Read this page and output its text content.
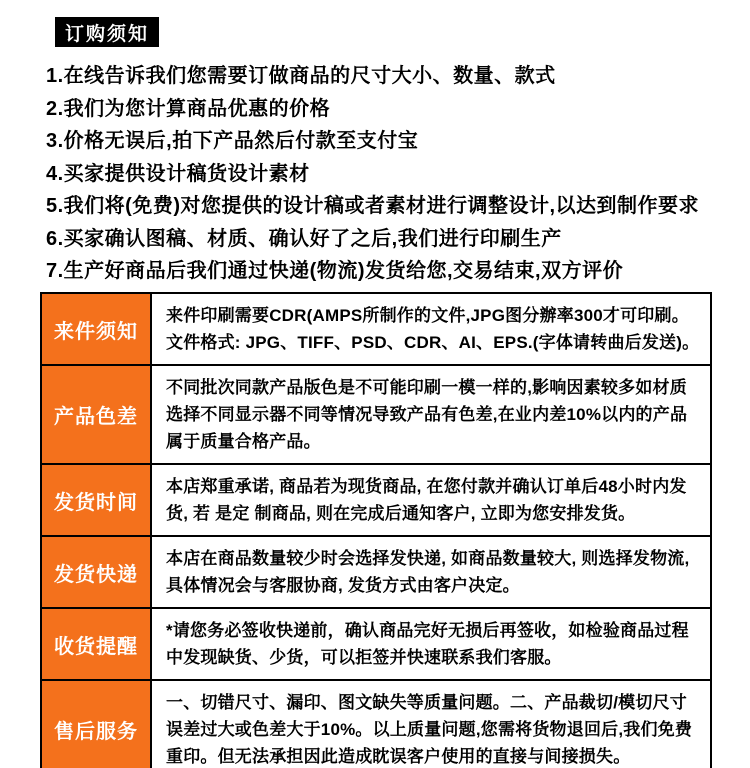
订购须知
1.在线告诉我们您需要订做商品的尺寸大小、数量、款式
2.我们为您计算商品优惠的价格
3.价格无误后,拍下产品然后付款至支付宝
4.买家提供设计稿货设计素材
5.我们将(免费)对您提供的设计稿或者素材进行调整设计,以达到制作要求
6.买家确认图稿、材质、确认好了之后,我们进行印刷生产
7.生产好商品后我们通过快递(物流)发货给您,交易结束,双方评价
来件须知	来件印刷需要CDR(AMPS所制作的文件,JPG图分辦率300才可印刷。文件格式: JPG、TIFF、PSD、CDR、AI、EPS.(字体请转曲后发送)。
产品色差	不同批次同款产品版色是不可能印刷一模一样的,影响因素较多如材质选择不同显示器不同等情况导致产品有色差,在业内差10%以内的产品属于质量合格产品。
发货时间	本店郑重承诺, 商品若为现货商品, 在您付款并确认订单后48小时内发货, 若 是定 制商品, 则在完成后通知客户, 立即为您安排发货。
发货快递	本店在商品数量较少时会选择发快递, 如商品数量较大, 则选择发物流, 具体情况会与客服协商, 发货方式由客户决定。
收货提醒	*请您务必签收快递前，确认商品完好无损后再签收，如检验商品过程中发现缺货、少货，可以拒签并快速联系我们客服。
售后服务	一、切错尺寸、漏印、图文缺失等质量问题。二、产品裁切/模切尺寸误差过大或色差大于10%。以上质量问题,您需将货物退回后,我们免费重印。但无法承担因此造成眈误客户使用的直接与间接损失。
